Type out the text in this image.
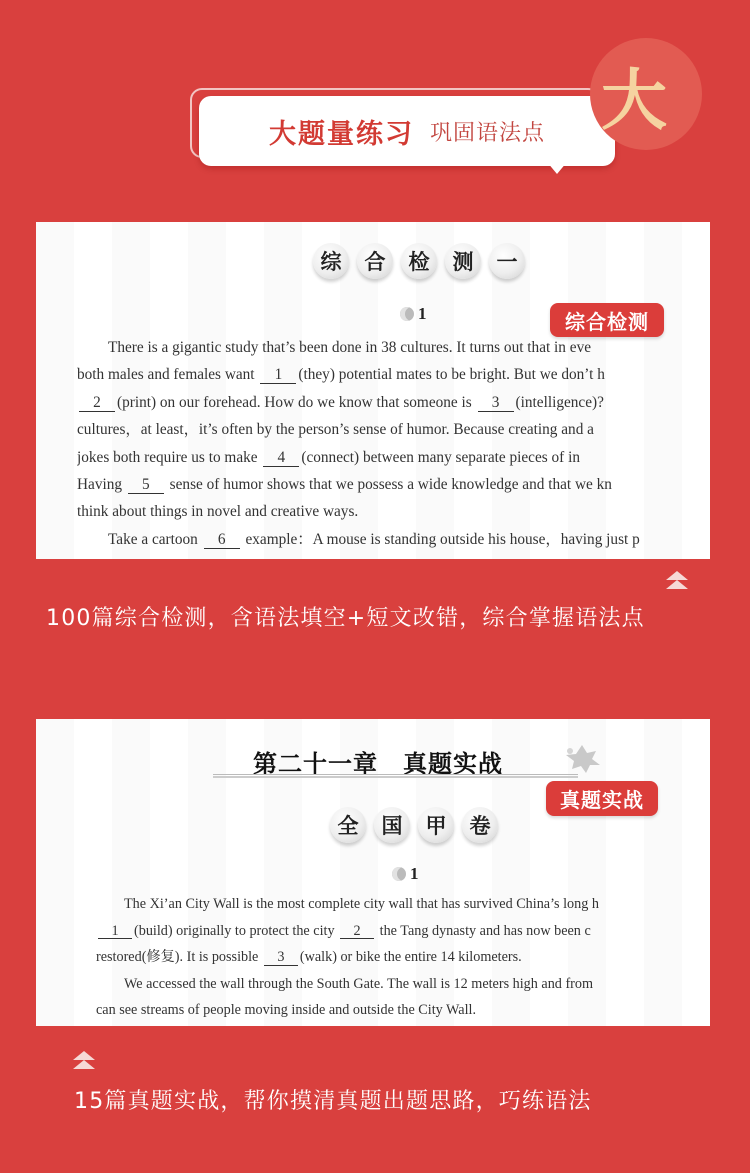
大题量练习 巩固语法点 大
综	合	检	测	一
1
There is a gigantic study that’s been done in 38 cultures. It turns out that in eve
both males and females want 1 (they) potential mates to be bright. But we don’t h
2 (print) on our forehead. How do we know that someone is 3 (intelligence)?
cultures，at least，it’s often by the person’s sense of humor. Because creating and a
jokes both require us to make 4 (connect) between many separate pieces of in
Having 5 sense of humor shows that we possess a wide knowledge and that we kn
think about things in novel and creative ways.
Take a cartoon 6 example：A mouse is standing outside his house，having just p
综合检测
100篇综合检测，含语法填空+短文改错，综合掌握语法点
全	国	甲	卷
1
The Xi’an City Wall is the most complete city wall that has survived China’s long h
1 (build) originally to protect the city 2 the Tang dynasty and has now been c
restored(修复). It is possible 3 (walk) or bike the entire 14 kilometers.
We accessed the wall through the South Gate. The wall is 12 meters high and from
can see streams of people moving inside and outside the City Wall.
第二十一章　真题实战
真题实战
15篇真题实战，帮你摸清真题出题思路，巧练语法
